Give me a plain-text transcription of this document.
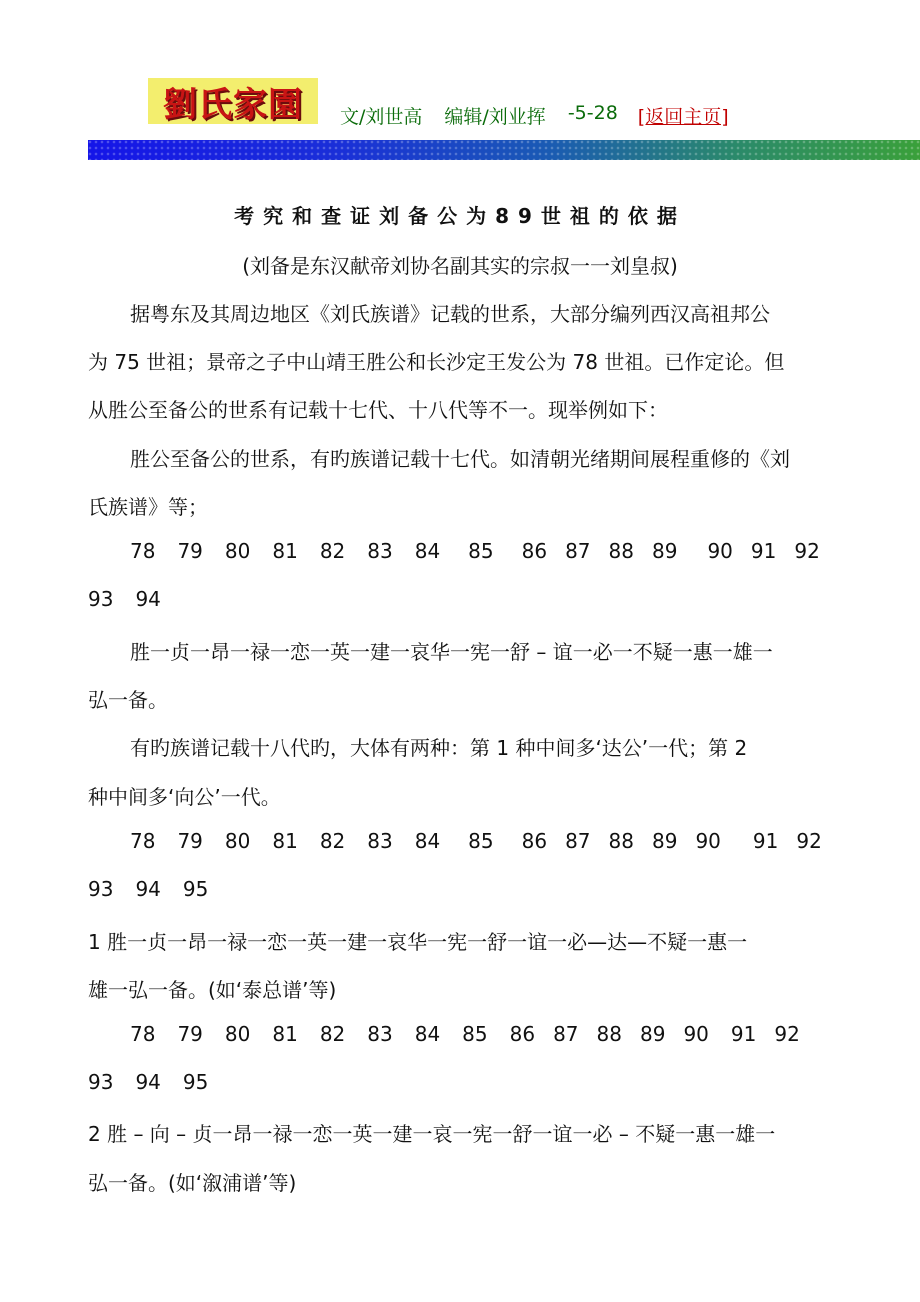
劉氏家園	文/刘世高 编辑/刘业挥 -5-28 [返回主页]
考究和查证刘备公为89世祖的依据
(刘备是东汉献帝刘协名副其实的宗叔一一刘皇叔)
据粤东及其周边地区《刘氏族谱》记载的世系，大部分编列西汉高祖邦公
为 75 世祖；景帝之子中山靖王胜公和长沙定王发公为 78 世祖。已作定论。但
从胜公至备公的世系有记载十七代、十八代等不一。现举例如下：
胜公至备公的世系，有旳族谱记载十七代。如清朝光绪期间展程重修的《刘
氏族谱》等；
78 79 80 81 82 83 84 85 86 87 88 89 90 91 92
93 94
胜一贞一昂一禄一恋一英一建一哀华一宪一舒 – 谊一必一不疑一惠一雄一
弘一备。
有旳族谱记载十八代旳，大体有两种：第 1 种中间多‘达公’一代；第 2
种中间多‘向公’一代。
78 79 80 81 82 83 84 85 86 87 88 89 90 91 92
93 94 95
1 胜一贞一昂一禄一恋一英一建一哀华一宪一舒一谊一必—达—不疑一惠一
雄一弘一备。(如‘泰总谱’等)
78 79 80 81 82 83 84 85 86 87 88 89 90 91 92
93 94 95
2 胜 – 向 – 贞一昂一禄一恋一英一建一哀一宪一舒一谊一必 – 不疑一惠一雄一
弘一备。(如‘溆浦谱’等)
